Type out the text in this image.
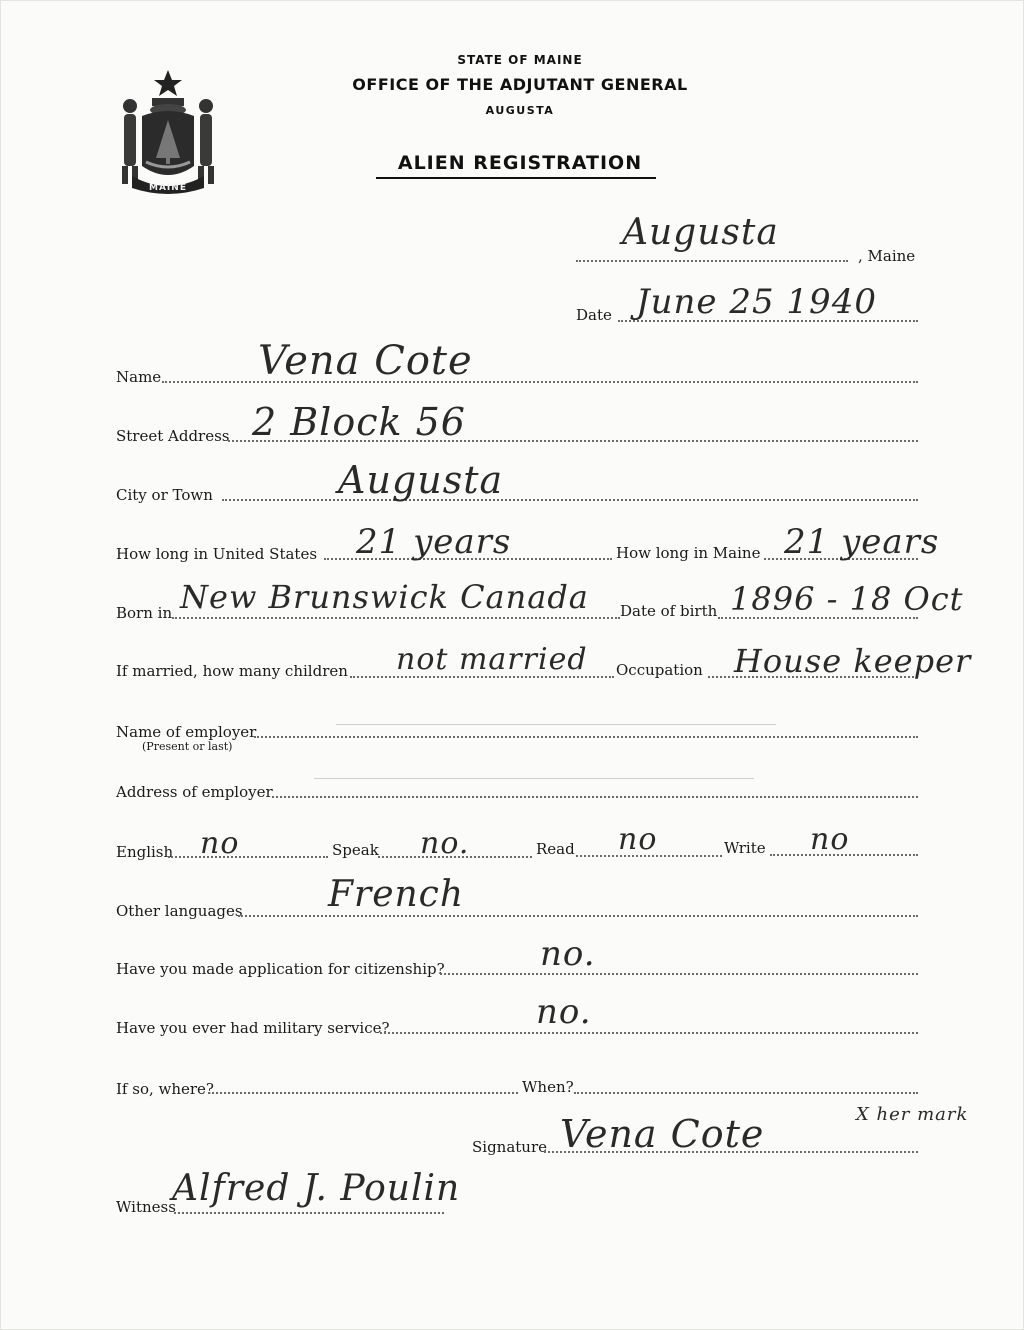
MAINE
STATE OF MAINE
OFFICE OF THE ADJUTANT GENERAL
AUGUSTA
ALIEN REGISTRATION
Augusta
, Maine
Date June 25 1940
Name Vena Cote
Street Address 2 Block 56
City or Town	Augusta
How long in United States 21 years	How long in Maine 21 years
Born in New Brunswick Canada Date of birth 1896 - 18 Oct
If married, how many children not married Occupation House keeper
Name of employer
(Present or last)
Address of employer
English no	Speak no.	Read no	Write no
Other languages French
Have you made application for citizenship?	no.
Have you ever had military service?	no.
If so, where?	When?
Signature Vena Cote	X her mark
Witness
Alfred J. Poulin
